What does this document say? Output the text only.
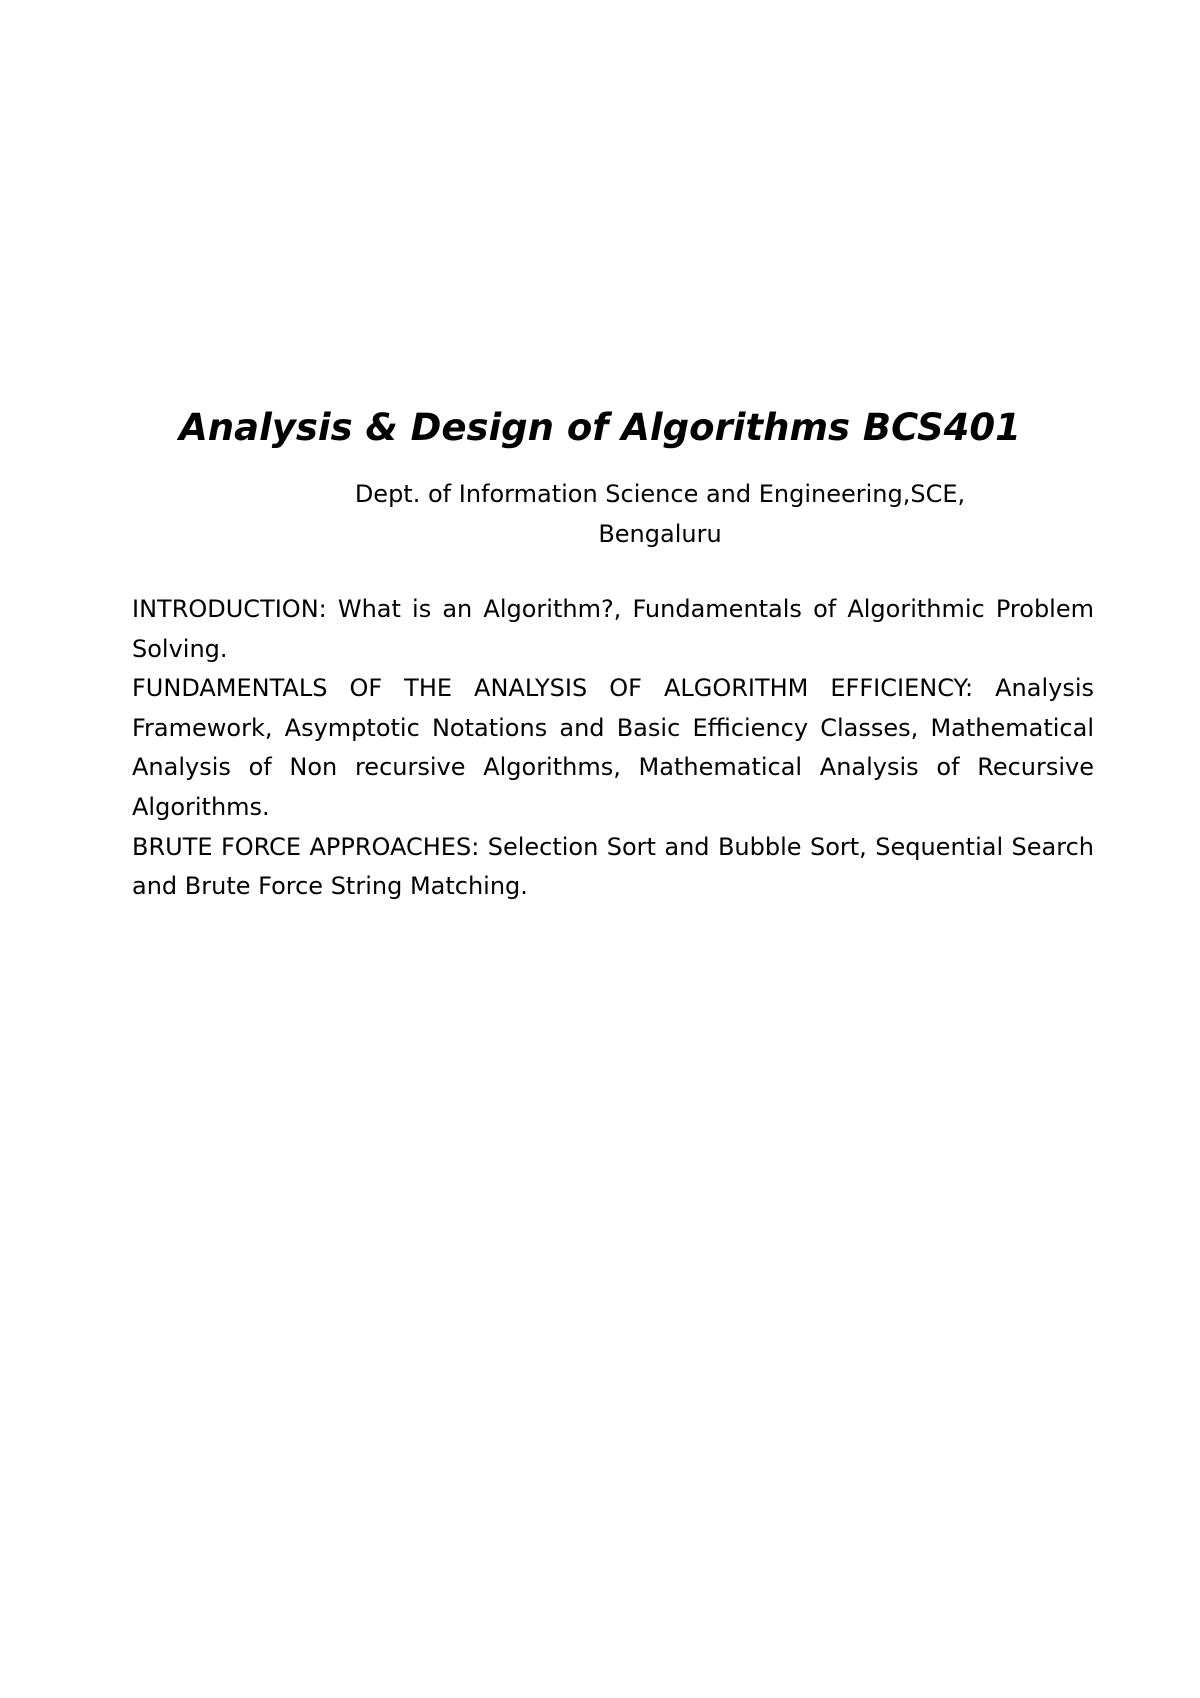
Analysis & Design of Algorithms BCS401
Dept. of Information Science and Engineering,SCE,
Bengaluru

INTRODUCTION: What is an Algorithm?, Fundamentals of Algorithmic Problem Solving.

FUNDAMENTALS OF THE ANALYSIS OF ALGORITHM EFFICIENCY: Analysis Framework, Asymptotic Notations and Basic Efficiency Classes, Mathematical Analysis of Non recursive Algorithms, Mathematical Analysis of Recursive Algorithms.

BRUTE FORCE APPROACHES: Selection Sort and Bubble Sort, Sequential Search and Brute Force String Matching.
